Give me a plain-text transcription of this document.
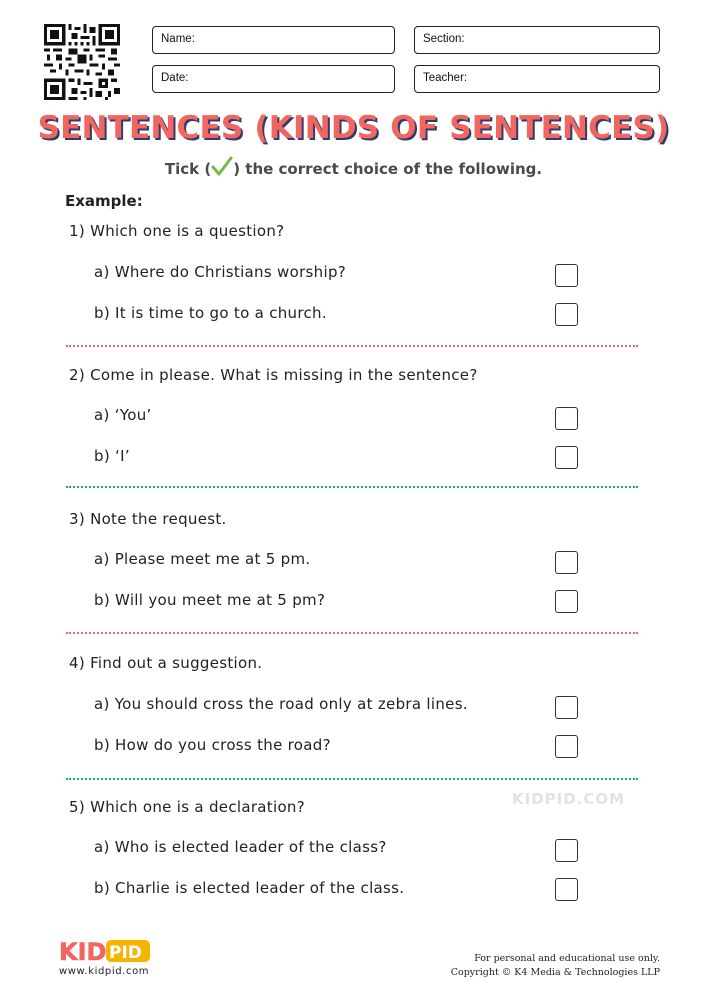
Name:	Section:
Date:	Teacher:
SENTENCES (KINDS OF SENTENCES)
Tick ( ) the correct choice of the following.
Example:
1) Which one is a question?
a) Where do Christians worship?
b) It is time to go to a church.
2) Come in please. What is missing in the sentence?
a) ‘You’
b) ‘I’
3) Note the request.
a) Please meet me at 5 pm.
b) Will you meet me at 5 pm?
4) Find out a suggestion.
a) You should cross the road only at zebra lines.
b) How do you cross the road?
KIDPID.COM
5) Which one is a declaration?
a) Who is elected leader of the class?
b) Charlie is elected leader of the class.
KID PID
www.kidpid.com
For personal and educational use only.
Copyright © K4 Media & Technologies LLP
